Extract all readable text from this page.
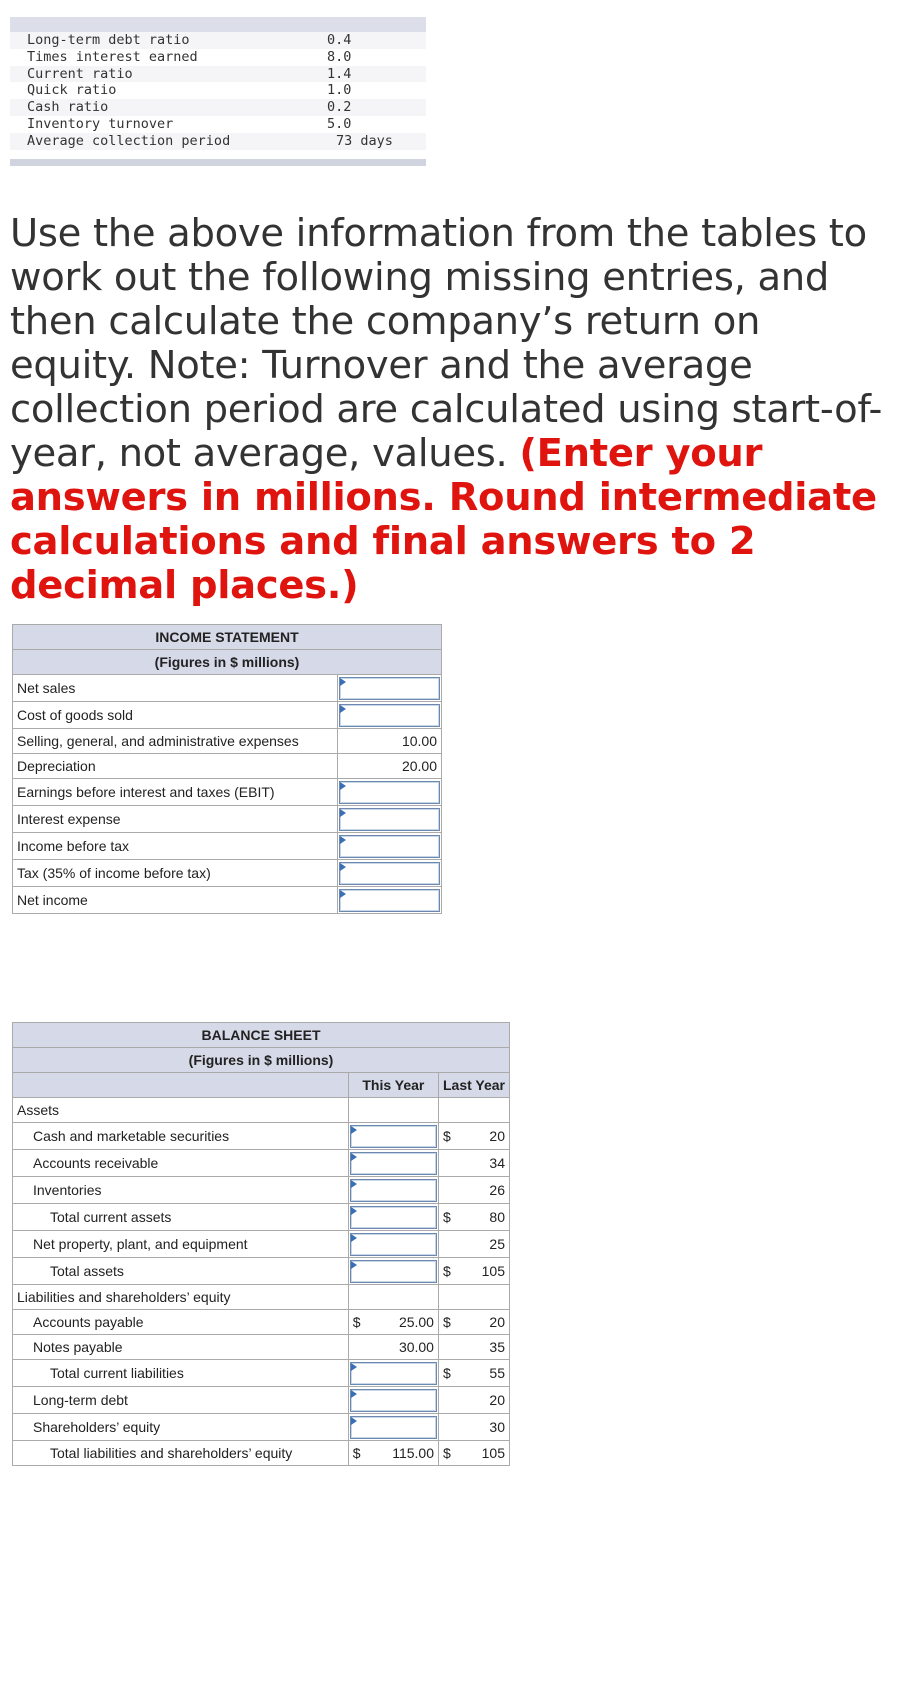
Long-term debt ratio	0.4
Times interest earned	8.0
Current ratio	1.4
Quick ratio	1.0
Cash ratio	0.2
Inventory turnover	5.0
Average collection period	73 days

Use the above information from the tables to work out the following missing entries, and then calculate the company’s return on equity. Note: Turnover and the average collection period are calculated using start-of-year, not average, values. (Enter your answers in millions. Round intermediate calculations and final answers to 2 decimal places.)
INCOME STATEMENT	
(Figures in $ millions)	
Net sales	

Cost of goods sold	

Selling, general, and administrative expenses	10.00
Depreciation	20.00
Earnings before interest and taxes (EBIT)	

Interest expense	

Income before tax	

Tax (35% of income before tax)	

Net income	
BALANCE SHEET		
(Figures in $ millions)		
	This Year	Last Year
Assets		
Cash and marketable securities		$ 20
Accounts receivable		34
Inventories		26
Total current assets		$ 80
Net property, plant, and equipment		25
Total assets		$ 105
Liabilities and shareholders’ equity		
Accounts payable	$ 25.00	$ 20
Notes payable	30.00	35
Total current liabilities		$ 55
Long-term debt		20
Shareholders’ equity		30
Total liabilities and shareholders’ equity	$ 115.00	$ 105
